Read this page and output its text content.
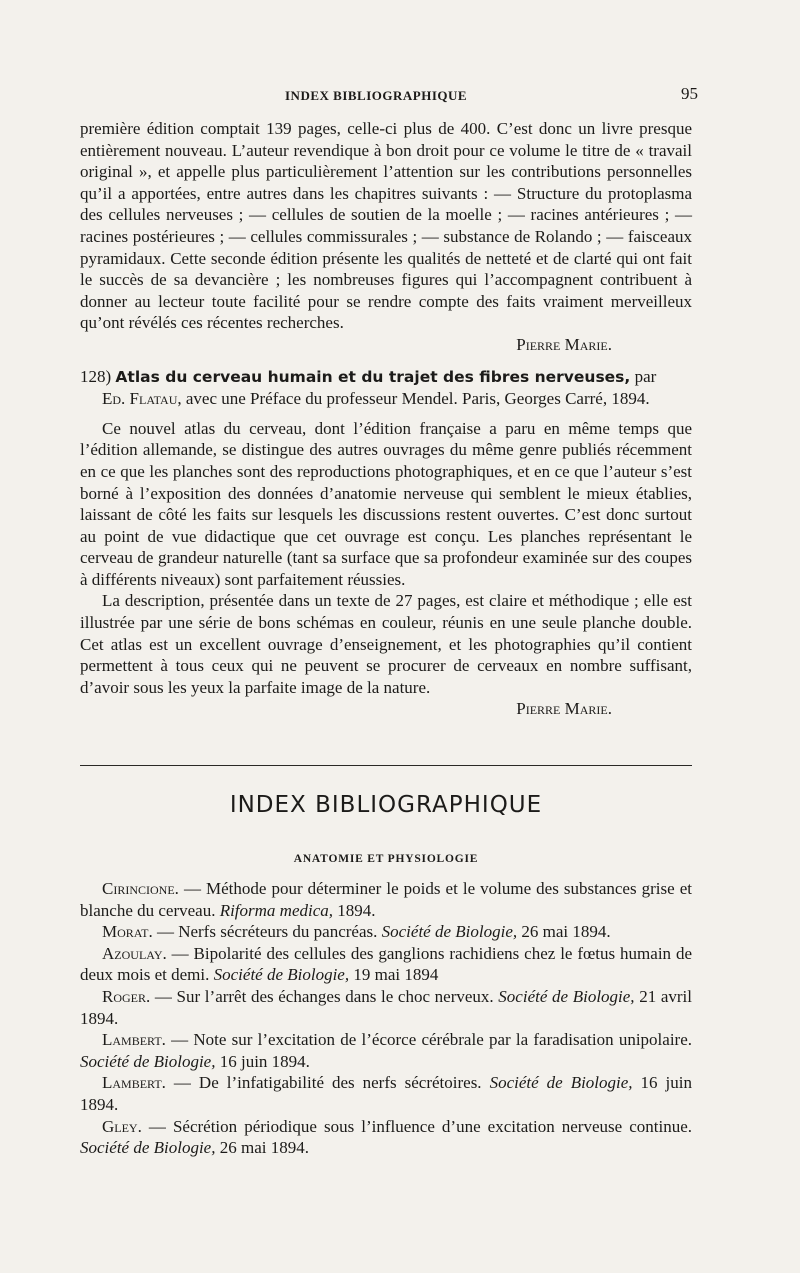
INDEX BIBLIOGRAPHIQUE	95

première édition comptait 139 pages, celle-ci plus de 400. C’est donc un livre presque entièrement nouveau. L’auteur revendique à bon droit pour ce volume le titre de « travail original », et appelle plus particulièrement l’attention sur les contributions personnelles qu’il a apportées, entre autres dans les chapitres suivants : — Structure du protoplasma des cellules nerveuses ; — cellules de soutien de la moelle ; — racines antérieures ; — racines postérieures ; — cellules commissurales ; — substance de Rolando ; — faisceaux pyramidaux. Cette seconde édition présente les qualités de netteté et de clarté qui ont fait le succès de sa devancière ; les nombreuses figures qui l’accompagnent contribuent à donner au lecteur toute facilité pour se rendre compte des faits vraiment merveilleux qu’ont révélés ces récentes recherches.

Pierre Marie.

128) Atlas du cerveau humain et du trajet des fibres nerveuses, par

Ed. Flatau, avec une Préface du professeur Mendel. Paris, Georges Carré, 1894.

Ce nouvel atlas du cerveau, dont l’édition française a paru en même temps que l’édition allemande, se distingue des autres ouvrages du même genre publiés récemment en ce que les planches sont des reproductions photographiques, et en ce que l’auteur s’est borné à l’exposition des données d’anatomie nerveuse qui semblent le mieux établies, laissant de côté les faits sur lesquels les discussions restent ouvertes. C’est donc surtout au point de vue didactique que cet ouvrage est conçu. Les planches représentant le cerveau de grandeur naturelle (tant sa surface que sa profondeur examinée sur des coupes à différents niveaux) sont parfaitement réussies.

La description, présentée dans un texte de 27 pages, est claire et méthodique ; elle est illustrée par une série de bons schémas en couleur, réunis en une seule planche double. Cet atlas est un excellent ouvrage d’enseignement, et les photographies qu’il contient permettent à tous ceux qui ne peuvent se procurer de cerveaux en nombre suffisant, d’avoir sous les yeux la parfaite image de la nature.

Pierre Marie.

INDEX BIBLIOGRAPHIQUE
ANATOMIE ET PHYSIOLOGIE

Cirincione. — Méthode pour déterminer le poids et le volume des substances grise et blanche du cerveau. Riforma medica, 1894.

Morat. — Nerfs sécréteurs du pancréas. Société de Biologie, 26 mai 1894.

Azoulay. — Bipolarité des cellules des ganglions rachidiens chez le fœtus humain de deux mois et demi. Société de Biologie, 19 mai 1894

Roger. — Sur l’arrêt des échanges dans le choc nerveux. Société de Biologie, 21 avril 1894.

Lambert. — Note sur l’excitation de l’écorce cérébrale par la faradisation unipolaire. Société de Biologie, 16 juin 1894.

Lambert. — De l’infatigabilité des nerfs sécrétoires. Société de Biologie, 16 juin 1894.

Gley. — Sécrétion périodique sous l’influence d’une excitation nerveuse continue. Société de Biologie, 26 mai 1894.
